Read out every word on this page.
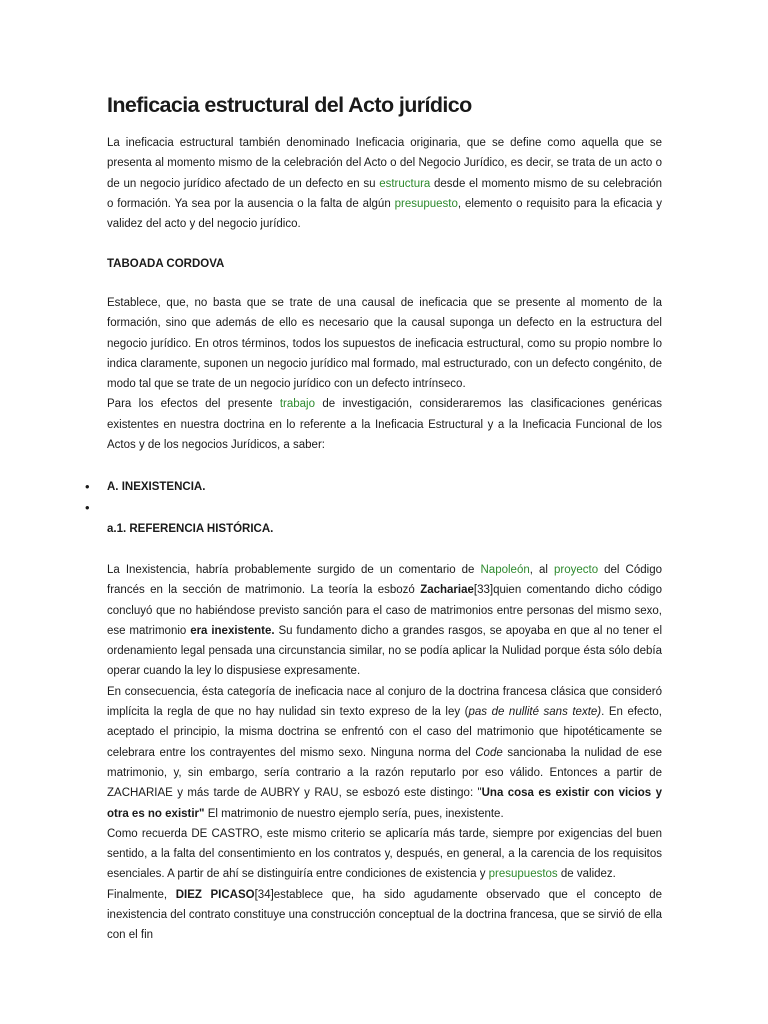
Ineficacia estructural del Acto jurídico

La ineficacia estructural también denominado Ineficacia originaria, que se define como aquella que se presenta al momento mismo de la celebración del Acto o del Negocio Jurídico, es decir, se trata de un acto o de un negocio jurídico afectado de un defecto en su estructura desde el momento mismo de su celebración o formación. Ya sea por la ausencia o la falta de algún presupuesto, elemento o requisito para la eficacia y validez del acto y del negocio jurídico.

TABOADA CORDOVA

Establece, que, no basta que se trate de una causal de ineficacia que se presente al momento de la formación, sino que además de ello es necesario que la causal suponga un defecto en la estructura del negocio jurídico. En otros términos, todos los supuestos de ineficacia estructural, como su propio nombre lo indica claramente, suponen un negocio jurídico mal formado, mal estructurado, con un defecto congénito, de modo tal que se trate de un negocio jurídico con un defecto intrínseco.
Para los efectos del presente trabajo de investigación, consideraremos las clasificaciones genéricas existentes en nuestra doctrina en lo referente a la Ineficacia Estructural y a la Ineficacia Funcional de los Actos y de los negocios Jurídicos, a saber:

•
•

A. INEXISTENCIA.

a.1. REFERENCIA HISTÓRICA.

La Inexistencia, habría probablemente surgido de un comentario de Napoleón, al proyecto del Código francés en la sección de matrimonio. La teoría la esbozó Zachariae[33]quien comentando dicho código concluyó que no habiéndose previsto sanción para el caso de matrimonios entre personas del mismo sexo, ese matrimonio era inexistente. Su fundamento dicho a grandes rasgos, se apoyaba en que al no tener el ordenamiento legal pensada una circunstancia similar, no se podía aplicar la Nulidad porque ésta sólo debía operar cuando la ley lo dispusiese expresamente.
En consecuencia, ésta categoría de ineficacia nace al conjuro de la doctrina francesa clásica que consideró implícita la regla de que no hay nulidad sin texto expreso de la ley (pas de nullité sans texte). En efecto, aceptado el principio, la misma doctrina se enfrentó con el caso del matrimonio que hipotéticamente se celebrara entre los contrayentes del mismo sexo. Ninguna norma del Code sancionaba la nulidad de ese matrimonio, y, sin embargo, sería contrario a la razón reputarlo por eso válido. Entonces a partir de ZACHARIAE y más tarde de AUBRY y RAU, se esbozó este distingo: "Una cosa es existir con vicios y otra es no existir" El matrimonio de nuestro ejemplo sería, pues, inexistente.
Como recuerda DE CASTRO, este mismo criterio se aplicaría más tarde, siempre por exigencias del buen sentido, a la falta del consentimiento en los contratos y, después, en general, a la carencia de los requisitos esenciales. A partir de ahí se distinguiría entre condiciones de existencia y presupuestos de validez.
Finalmente, DIEZ PICASO[34]establece que, ha sido agudamente observado que el concepto de inexistencia del contrato constituye una construcción conceptual de la doctrina francesa, que se sirvió de ella con el fin
